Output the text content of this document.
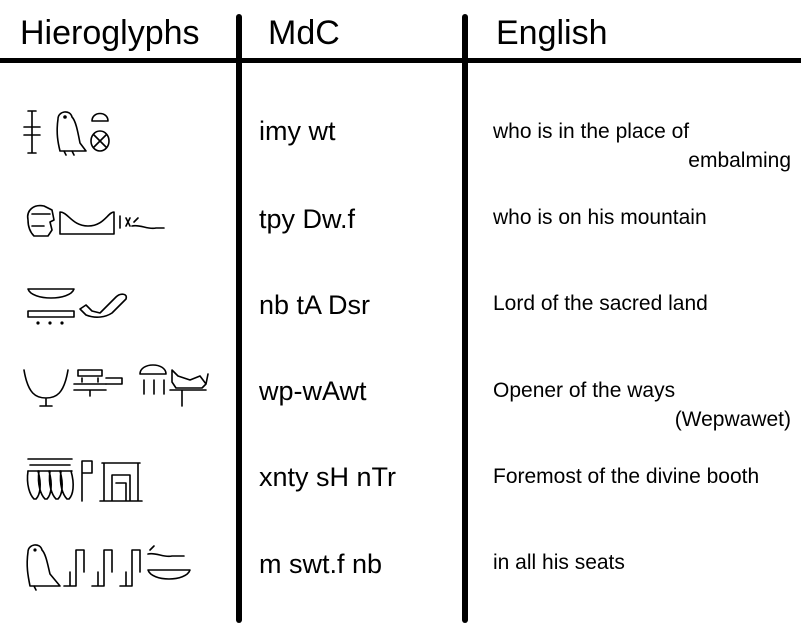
Hieroglyphs MdC	English
imy wt	who is in the place of
embalming
tpy Dw.f	who is on his mountain
nb tA Dsr	Lord of the sacred land
wp-wAwt	Opener of the ways
(Wepwawet)
xnty sH nTr	Foremost of the divine booth
m swt.f nb	in all his seats
